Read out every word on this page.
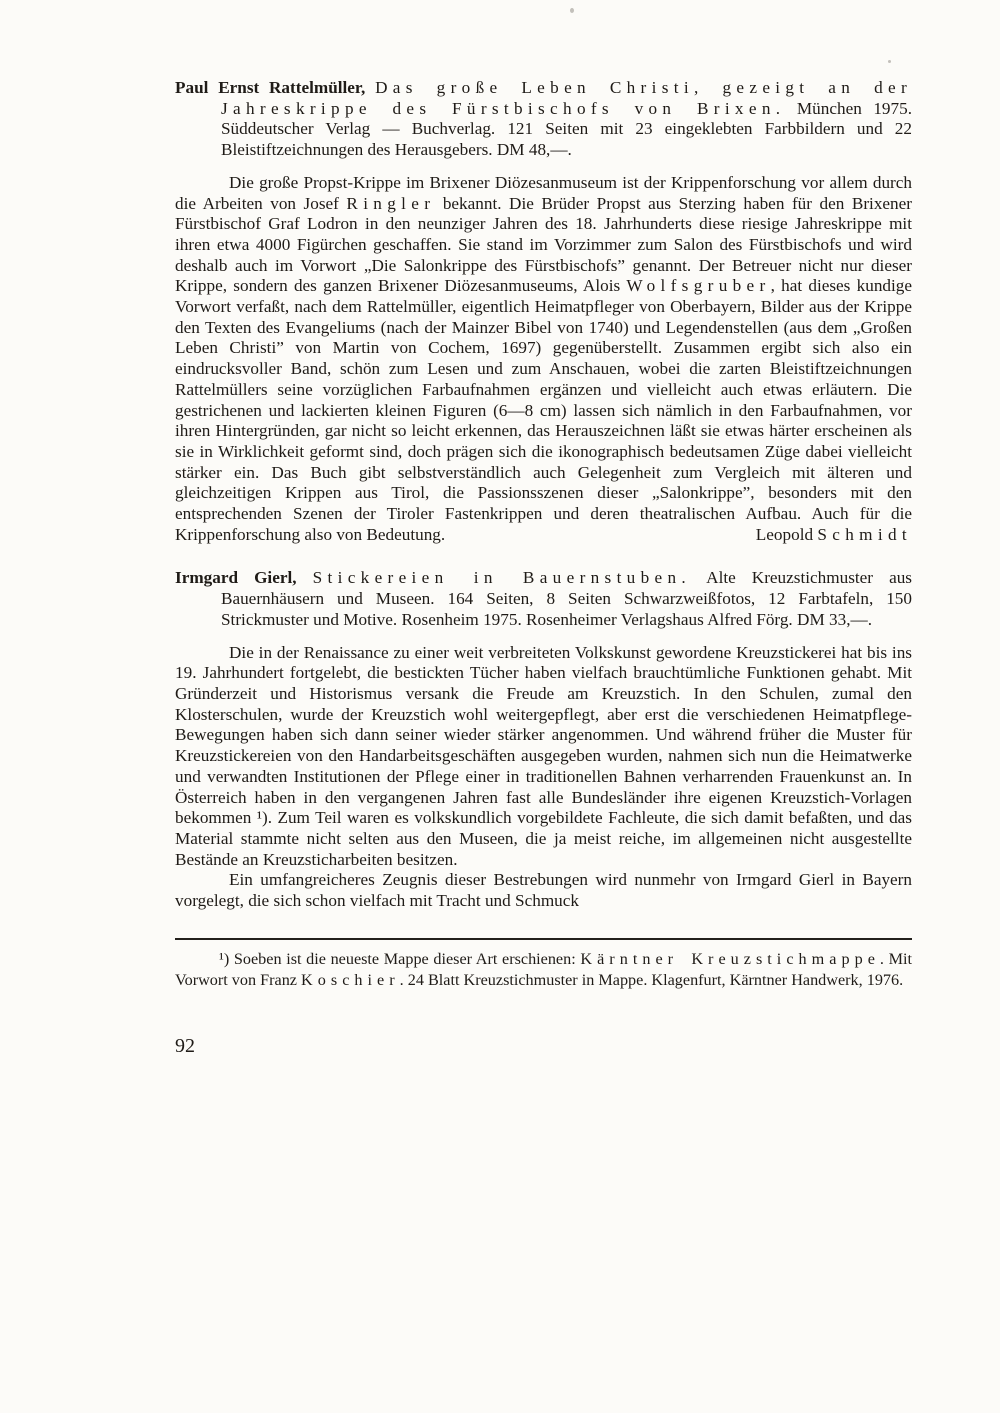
Paul Ernst Rattelmüller, Das große Leben Christi, gezeigt an der Jahreskrippe des Fürstbischofs von Brixen. München 1975. Süddeutscher Verlag — Buchverlag. 121 Seiten mit 23 eingeklebten Farbbildern und 22 Bleistiftzeichnungen des Herausgebers. DM 48,—.

Die große Propst-Krippe im Brixener Diözesanmuseum ist der Krippenforschung vor allem durch die Arbeiten von Josef Ringler bekannt. Die Brüder Propst aus Sterzing haben für den Brixener Fürstbischof Graf Lodron in den neunziger Jahren des 18. Jahrhunderts diese riesige Jahreskrippe mit ihren etwa 4000 Figürchen geschaffen. Sie stand im Vorzimmer zum Salon des Fürstbischofs und wird deshalb auch im Vorwort „Die Salonkrippe des Fürstbischofs” genannt. Der Betreuer nicht nur dieser Krippe, sondern des ganzen Brixener Diözesanmuseums, Alois Wolfsgruber, hat dieses kundige Vorwort verfaßt, nach dem Rattelmüller, eigentlich Heimatpfleger von Oberbayern, Bilder aus der Krippe den Texten des Evangeliums (nach der Mainzer Bibel von 1740) und Legendenstellen (aus dem „Großen Leben Christi” von Martin von Cochem, 1697) gegenüberstellt. Zusammen ergibt sich also ein eindrucksvoller Band, schön zum Lesen und zum Anschauen, wobei die zarten Bleistiftzeichnungen Rattelmüllers seine vorzüglichen Farbaufnahmen ergänzen und vielleicht auch etwas erläutern. Die gestrichenen und lackierten kleinen Figuren (6—8 cm) lassen sich nämlich in den Farbaufnahmen, vor ihren Hintergründen, gar nicht so leicht erkennen, das Herauszeichnen läßt sie etwas härter erscheinen als sie in Wirklichkeit geformt sind, doch prägen sich die ikonographisch bedeutsamen Züge dabei vielleicht stärker ein. Das Buch gibt selbstverständlich auch Gelegenheit zum Vergleich mit älteren und gleichzeitigen Krippen aus Tirol, die Passionsszenen dieser „Salonkrippe”, besonders mit den entsprechenden Szenen der Tiroler Fastenkrippen und deren theatralischen Aufbau. Auch für die Krippenforschung also von Bedeutung.	Leopold Schmidt

Irmgard Gierl, Stickereien in Bauernstuben. Alte Kreuzstichmuster aus Bauernhäusern und Museen. 164 Seiten, 8 Seiten Schwarzweißfotos, 12 Farbtafeln, 150 Strickmuster und Motive. Rosenheim 1975. Rosenheimer Verlagshaus Alfred Förg. DM 33,—.

Die in der Renaissance zu einer weit verbreiteten Volkskunst gewordene Kreuzstickerei hat bis ins 19. Jahrhundert fortgelebt, die bestickten Tücher haben vielfach brauchtümliche Funktionen gehabt. Mit Gründerzeit und Historismus versank die Freude am Kreuzstich. In den Schulen, zumal den Klosterschulen, wurde der Kreuzstich wohl weitergepflegt, aber erst die verschiedenen Heimatpflege-Bewegungen haben sich dann seiner wieder stärker angenommen. Und während früher die Muster für Kreuzstickereien von den Handarbeitsgeschäften ausgegeben wurden, nahmen sich nun die Heimatwerke und verwandten Institutionen der Pflege einer in traditionellen Bahnen verharrenden Frauenkunst an. In Österreich haben in den vergangenen Jahren fast alle Bundesländer ihre eigenen Kreuzstich-Vorlagen bekommen ¹). Zum Teil waren es volkskundlich vorgebildete Fachleute, die sich damit befaßten, und das Material stammte nicht selten aus den Museen, die ja meist reiche, im allgemeinen nicht ausgestellte Bestände an Kreuzsticharbeiten besitzen.

Ein umfangreicheres Zeugnis dieser Bestrebungen wird nunmehr von Irmgard Gierl in Bayern vorgelegt, die sich schon vielfach mit Tracht und Schmuck

¹) Soeben ist die neueste Mappe dieser Art erschienen: Kärntner Kreuzstichmappe. Mit Vorwort von Franz Koschier. 24 Blatt Kreuzstichmuster in Mappe. Klagenfurt, Kärntner Handwerk, 1976.

92
